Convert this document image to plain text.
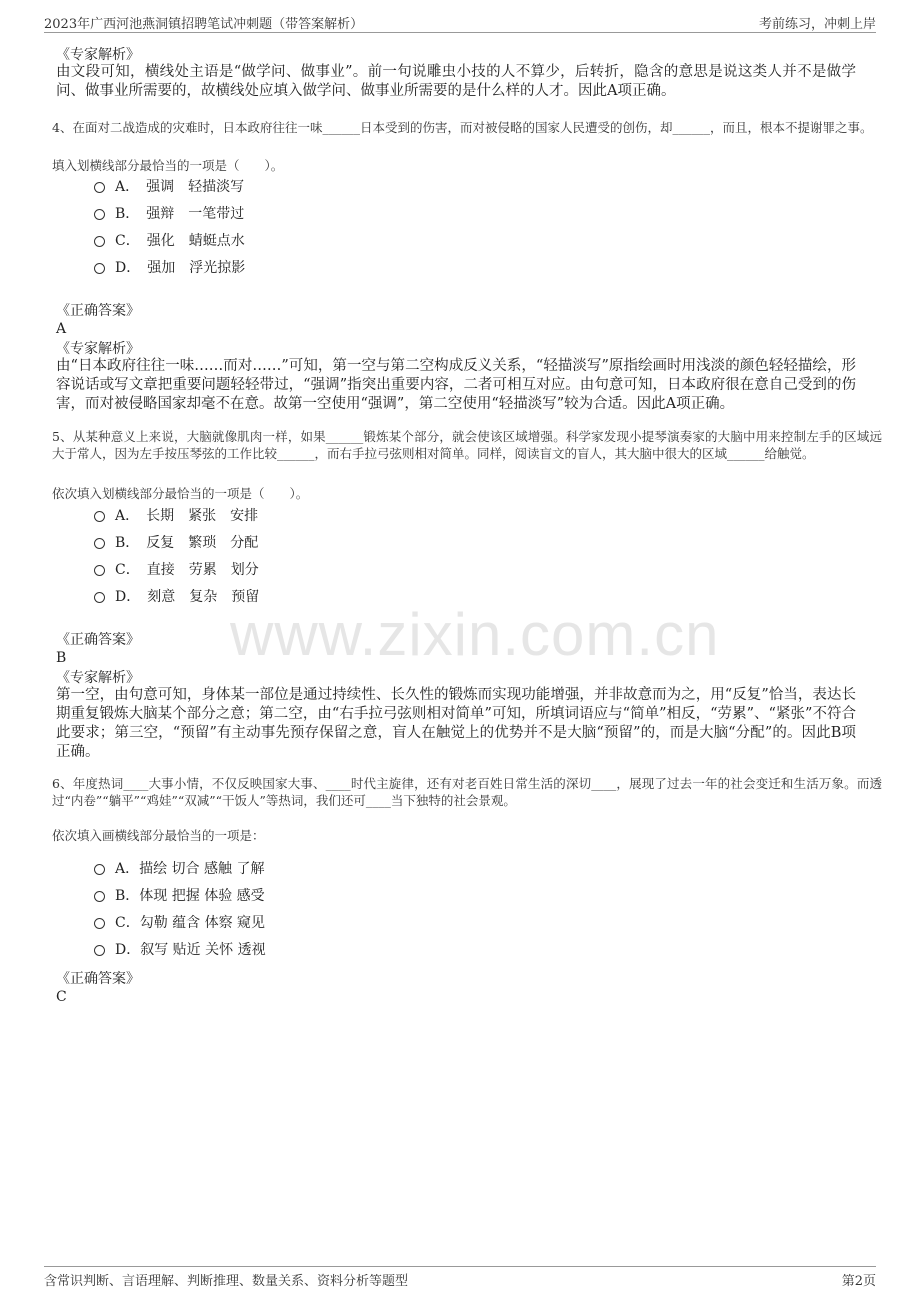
2023年广西河池燕洞镇招聘笔试冲刺题（带答案解析）	考前练习，冲刺上岸
www.zixin.com.cn
《专家解析》
由文段可知，横线处主语是“做学问、做事业”。前一句说雕虫小技的人不算少，后转折，隐含的意思是说这类人并不是做学问、做事业所需要的，故横线处应填入做学问、做事业所需要的是什么样的人才。因此A项正确。
4、在面对二战造成的灾难时，日本政府往往一味______日本受到的伤害，而对被侵略的国家人民遭受的创伤，却______，而且，根本不提谢罪之事。
填入划横线部分最恰当的一项是（　　）。
A．　强调　轻描淡写
B．　强辩　一笔带过
C．　强化　蜻蜓点水
D．　强加　浮光掠影
《正确答案》
A
《专家解析》
由“日本政府往往一味……而对……”可知，第一空与第二空构成反义关系，“轻描淡写”原指绘画时用浅淡的颜色轻轻描绘，形容说话或写文章把重要问题轻轻带过，“强调”指突出重要内容，二者可相互对应。由句意可知，日本政府很在意自己受到的伤害，而对被侵略国家却毫不在意。故第一空使用“强调”，第二空使用“轻描淡写”较为合适。因此A项正确。
5、从某种意义上来说，大脑就像肌肉一样，如果______锻炼某个部分，就会使该区域增强。科学家发现小提琴演奏家的大脑中用来控制左手的区域远大于常人，因为左手按压琴弦的工作比较______，而右手拉弓弦则相对简单。同样，阅读盲文的盲人，其大脑中很大的区域______给触觉。
依次填入划横线部分最恰当的一项是（　　）。
A．　长期　紧张　安排
B．　反复　繁琐　分配
C．　直接　劳累　划分
D．　刻意　复杂　预留
《正确答案》
B
《专家解析》
第一空，由句意可知，身体某一部位是通过持续性、长久性的锻炼而实现功能增强，并非故意而为之，用“反复”恰当，表达长期重复锻炼大脑某个部分之意；第二空，由“右手拉弓弦则相对简单”可知，所填词语应与“简单”相反，“劳累”、“紧张”不符合此要求；第三空，“预留”有主动事先预存保留之意，盲人在触觉上的优势并不是大脑“预留”的，而是大脑“分配”的。因此B项正确。
6、年度热词____大事小情，不仅反映国家大事、____时代主旋律，还有对老百姓日常生活的深切____，展现了过去一年的社会变迁和生活万象。而透过“内卷”“躺平”“鸡娃”“双减”“干饭人”等热词，我们还可____当下独特的社会景观。
依次填入画横线部分最恰当的一项是：
A．描绘 切合 感触 了解
B．体现 把握 体验 感受
C．勾勒 蕴含 体察 窥见
D．叙写 贴近 关怀 透视
《正确答案》
C
含常识判断、言语理解、判断推理、数量关系、资料分析等题型	第2页
